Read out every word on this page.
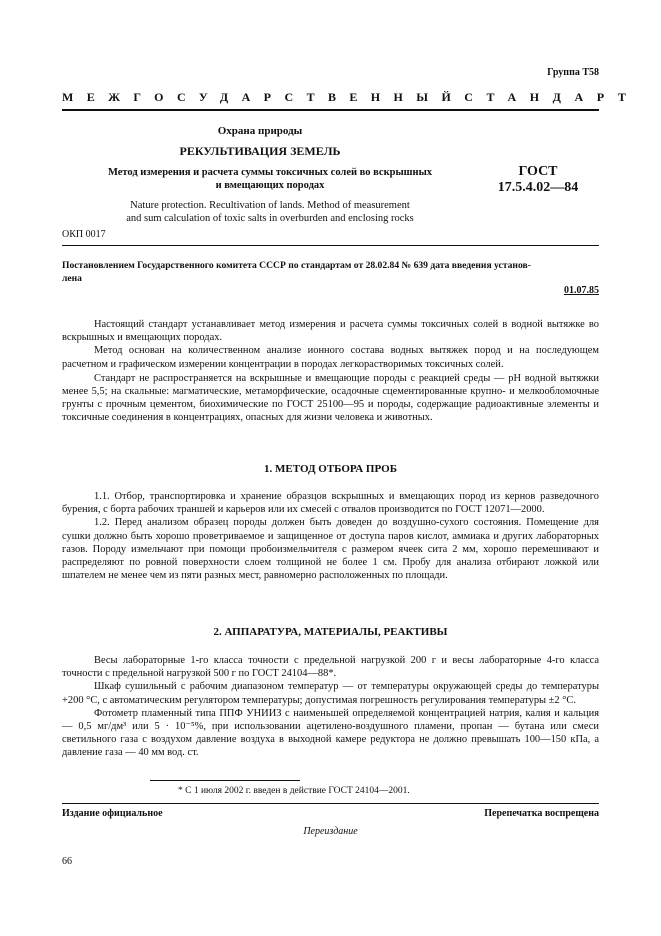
Группа Т58
МЕЖГОСУДАРСТВЕННЫЙ СТАНДАРТ
Охрана природы
РЕКУЛЬТИВАЦИЯ ЗЕМЕЛЬ
Метод измерения и расчета суммы токсичных солей во вскрышных
и вмещающих породах
ГОСТ
17.5.4.02—84
Nature protection. Recultivation of lands. Method of measurement
and sum calculation of toxic salts in overburden and enclosing rocks
ОКП 0017
Постановлением Государственного комитета СССР по стандартам от 28.02.84 № 639 дата введения установ-
лена
01.07.85

Настоящий стандарт устанавливает метод измерения и расчета суммы токсичных солей в водной вытяжке во вскрышных и вмещающих породах.

Метод основан на количественном анализе ионного состава водных вытяжек пород и на последующем расчетном и графическом измерении концентрации в породах легкорастворимых токсичных солей.

Стандарт не распространяется на вскрышные и вмещающие породы с реакцией среды — рН водной вытяжки менее 5,5; на скальные: магматические, метаморфические, осадочные сцементированные крупно- и мелкообломочные грунты с прочным цементом, биохимические по ГОСТ 25100—95 и породы, содержащие радиоактивные элементы и токсичные соединения в концентрациях, опасных для жизни человека и животных.

1. МЕТОД ОТБОРА ПРОБ

1.1. Отбор, транспортировка и хранение образцов вскрышных и вмещающих пород из кернов разведочного бурения, с борта рабочих траншей и карьеров или их смесей с отвалов производится по ГОСТ 12071—2000.

1.2. Перед анализом образец породы должен быть доведен до воздушно-сухого состояния. Помещение для сушки должно быть хорошо проветриваемое и защищенное от доступа паров кислот, аммиака и других лабораторных газов. Породу измельчают при помощи пробоизмельчителя с размером ячеек сита 2 мм, хорошо перемешивают и распределяют по ровной поверхности слоем толщиной не более 1 см. Пробу для анализа отбирают ложкой или шпателем не менее чем из пяти разных мест, равномерно расположенных по площади.

2. АППАРАТУРА, МАТЕРИАЛЫ, РЕАКТИВЫ

Весы лабораторные 1-го класса точности с предельной нагрузкой 200 г и весы лабораторные 4-го класса точности с предельной нагрузкой 500 г по ГОСТ 24104—88*.

Шкаф сушильный с рабочим диапазоном температур — от температуры окружающей среды до температуры +200 °С, с автоматическим регулятором температуры; допустимая погрешность регулирования температуры ±2 °С.

Фотометр пламенный типа ППФ УНИИЗ с наименьшей определяемой концентрацией натрия, калия и кальция — 0,5 мг/дм³ или 5 · 10⁻⁵%, при использовании ацетилено-воздушного пламени, пропан — бутана или смеси светильного газа с воздухом давление воздуха в выходной камере редуктора не должно превышать 100—150 кПа, а давление газа — 40 мм вод. ст.

* С 1 июля 2002 г. введен в действие ГОСТ 24104—2001.
Издание официальное	Перепечатка воспрещена
Переиздание
66
